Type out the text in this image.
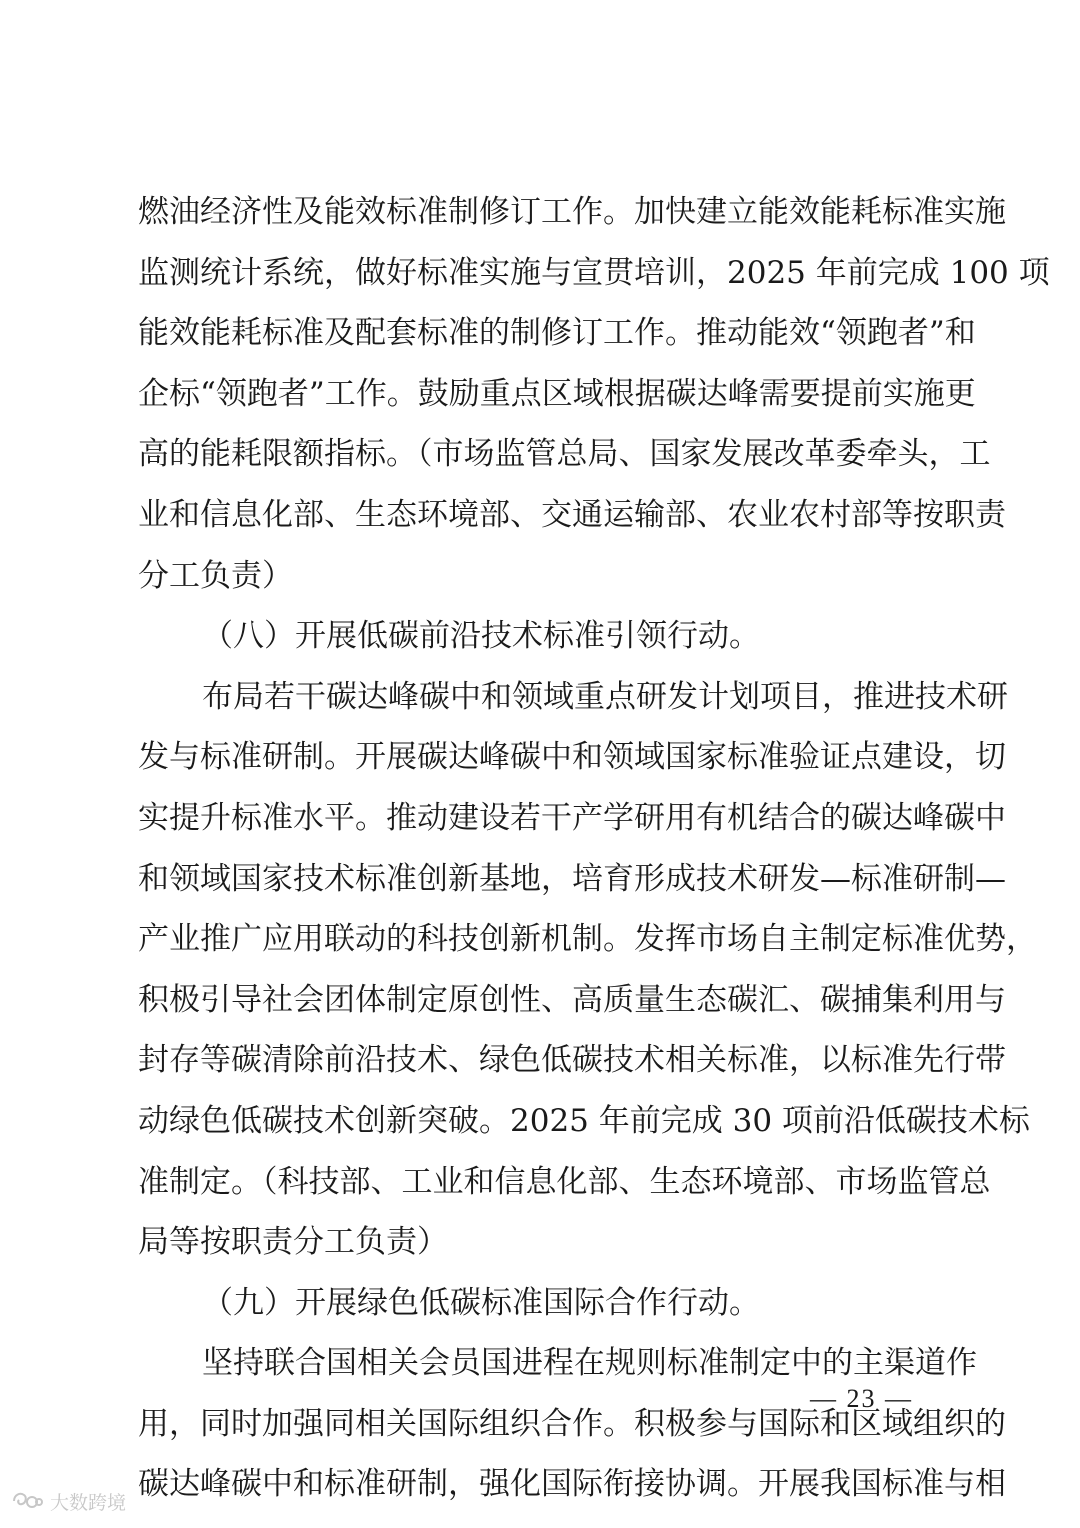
燃油经济性及能效标准制修订工作。加快建立能效能耗标准实施
监测统计系统，做好标准实施与宣贯培训，2025 年前完成 100 项
能效能耗标准及配套标准的制修订工作。推动能效“领跑者”和
企标“领跑者”工作。鼓励重点区域根据碳达峰需要提前实施更
高的能耗限额指标。（市场监管总局、国家发展改革委牵头，工
业和信息化部、生态环境部、交通运输部、农业农村部等按职责
分工负责）
（八）开展低碳前沿技术标准引领行动。
布局若干碳达峰碳中和领域重点研发计划项目，推进技术研
发与标准研制。开展碳达峰碳中和领域国家标准验证点建设，切
实提升标准水平。推动建设若干产学研用有机结合的碳达峰碳中
和领域国家技术标准创新基地，培育形成技术研发—标准研制—
产业推广应用联动的科技创新机制。发挥市场自主制定标准优势，
积极引导社会团体制定原创性、高质量生态碳汇、碳捕集利用与
封存等碳清除前沿技术、绿色低碳技术相关标准，以标准先行带
动绿色低碳技术创新突破。2025 年前完成 30 项前沿低碳技术标
准制定。（科技部、工业和信息化部、生态环境部、市场监管总
局等按职责分工负责）
（九）开展绿色低碳标准国际合作行动。
坚持联合国相关会员国进程在规则标准制定中的主渠道作
用，同时加强同相关国际组织合作。积极参与国际和区域组织的
碳达峰碳中和标准研制，强化国际衔接协调。开展我国标准与相
— 23 —
大数跨境
